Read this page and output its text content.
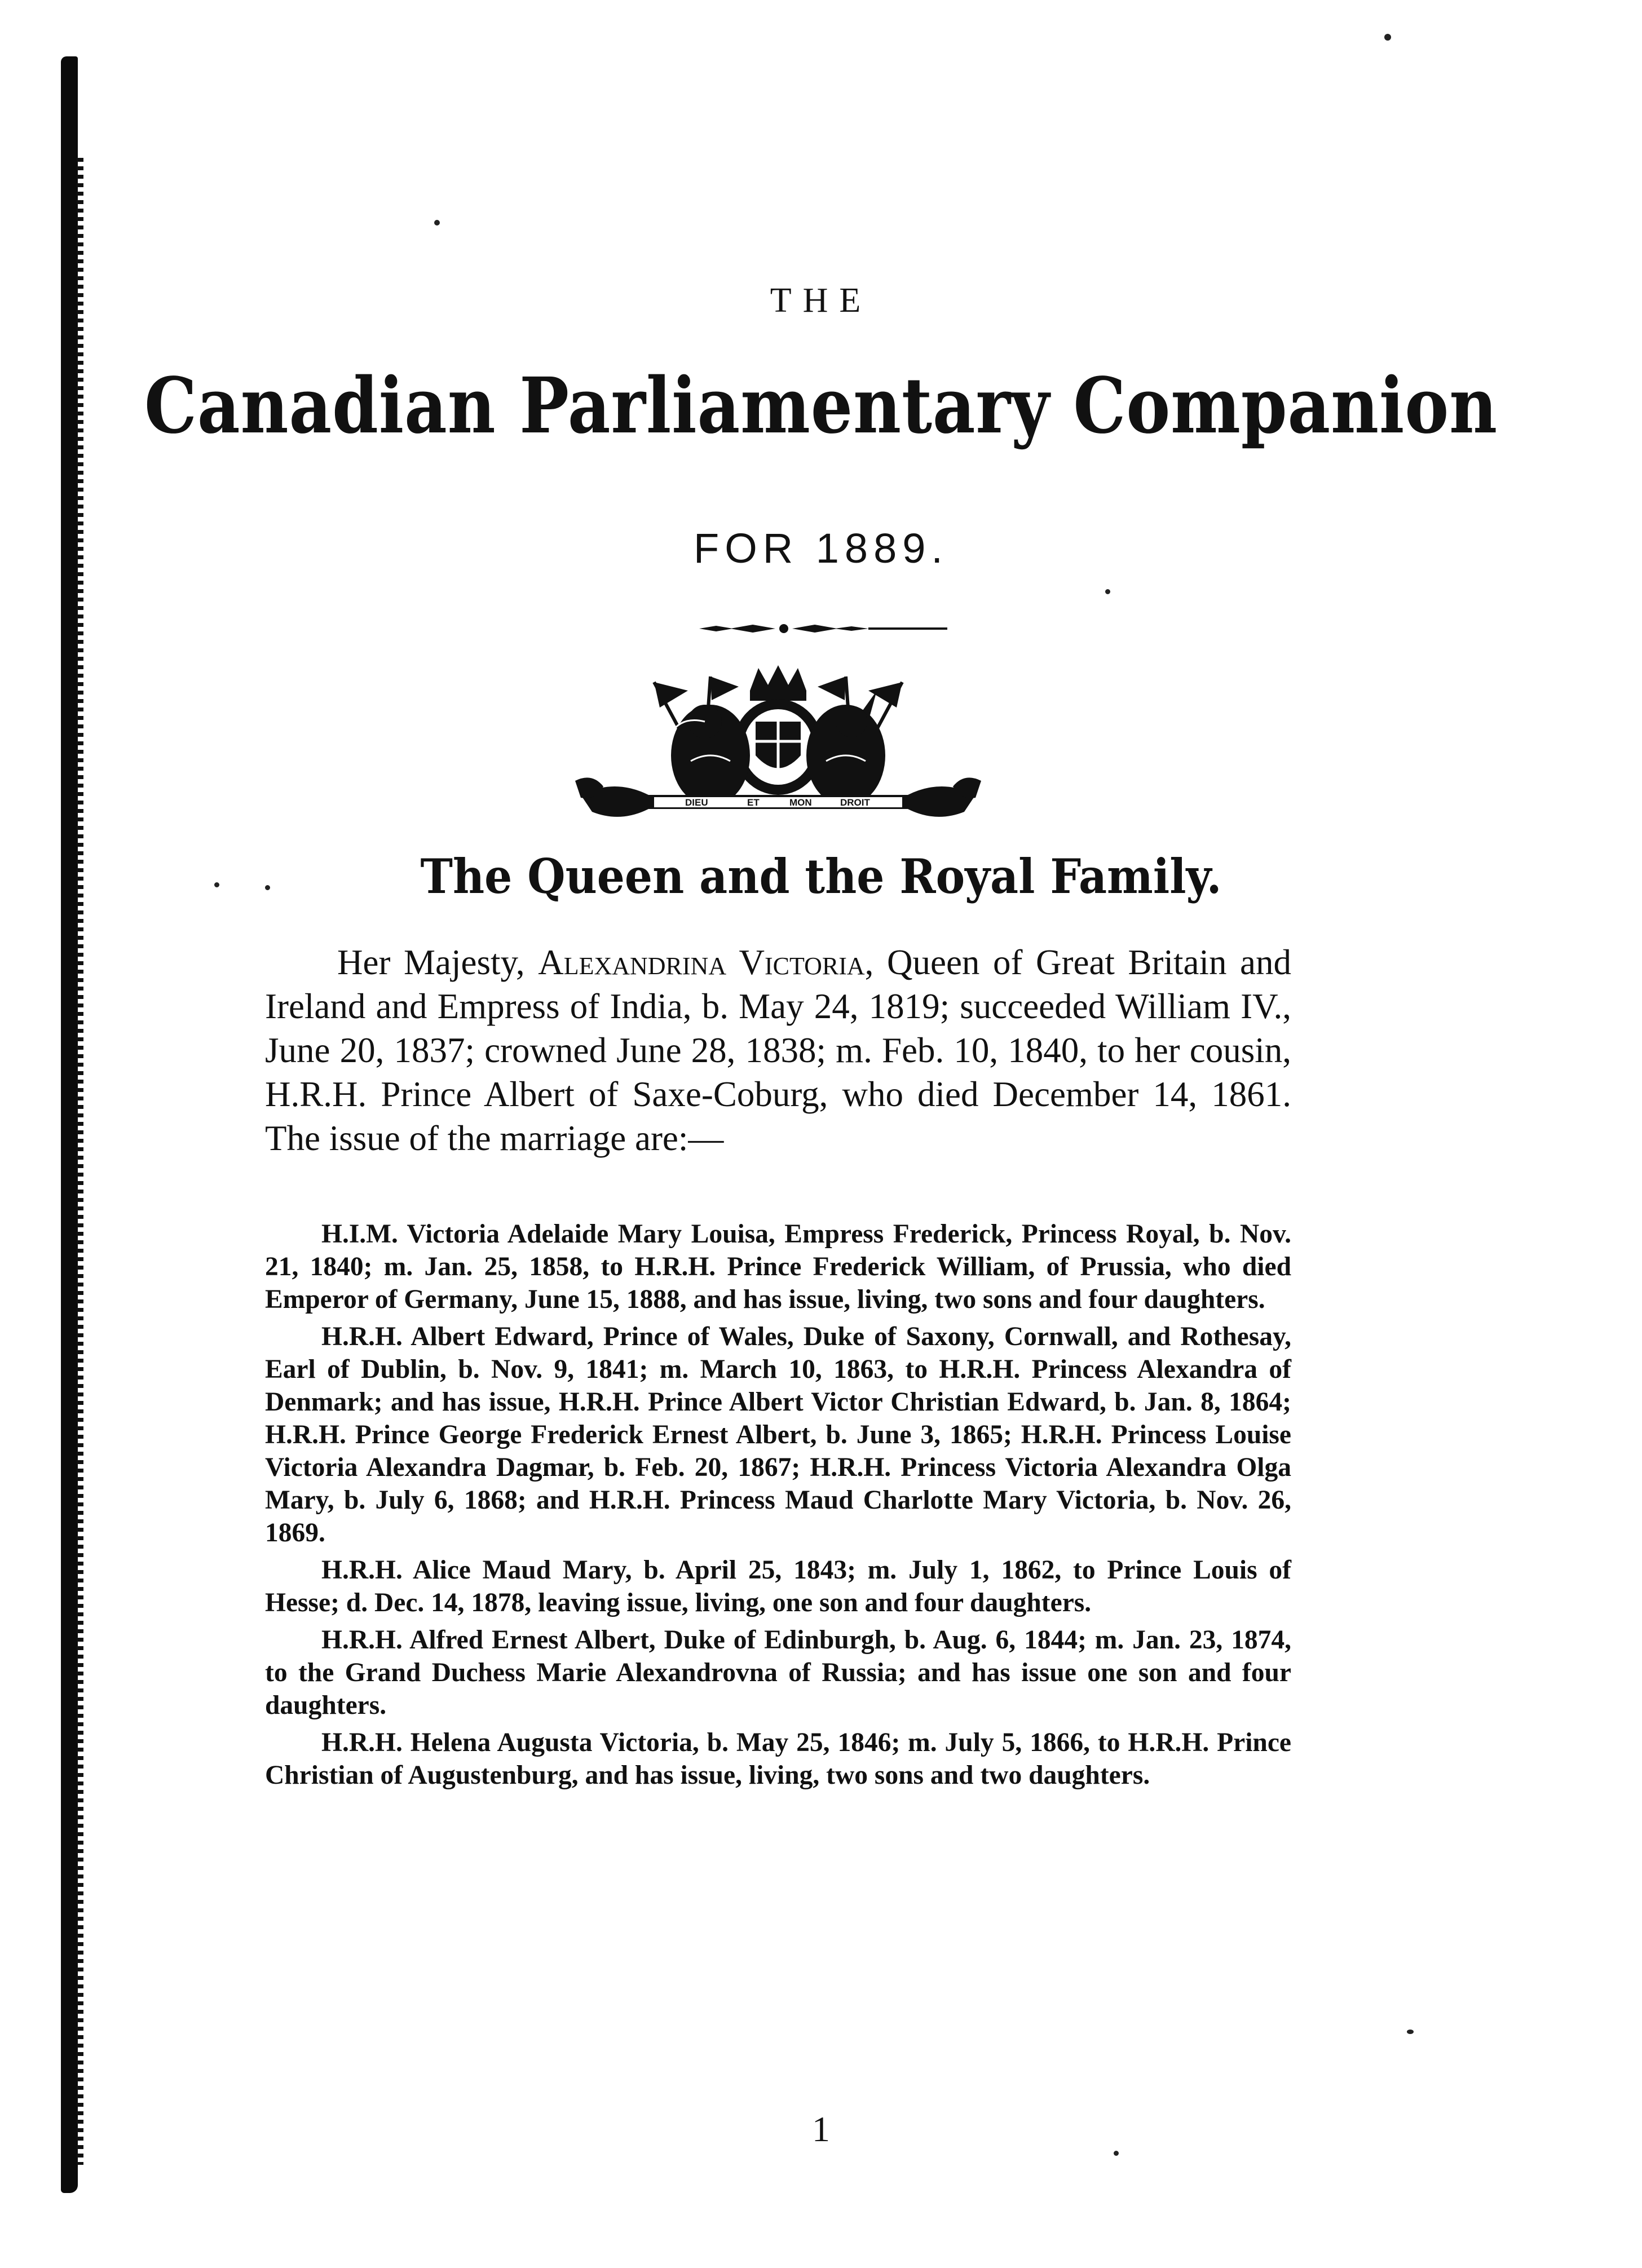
THE
Canadian Parliamentary Companion
FOR 1889.
DIEU	ET	MON	DROIT
The Queen and the Royal Family.

Her Majesty, Alexandrina Victoria, Queen of Great Britain and Ireland and Empress of India, b. May 24, 1819; succeeded William IV., June 20, 1837; crowned June 28, 1838; m. Feb. 10, 1840, to her cousin, H.R.H. Prince Albert of Saxe-Coburg, who died December 14, 1861. The issue of the marriage are:—

H.I.M. Victoria Adelaide Mary Louisa, Empress Frederick, Princess Royal, b. Nov. 21, 1840; m. Jan. 25, 1858, to H.R.H. Prince Frederick William, of Prussia, who died Emperor of Germany, June 15, 1888, and has issue, living, two sons and four daughters.

H.R.H. Albert Edward, Prince of Wales, Duke of Saxony, Cornwall, and Rothesay, Earl of Dublin, b. Nov. 9, 1841; m. March 10, 1863, to H.R.H. Princess Alexandra of Denmark; and has issue, H.R.H. Prince Albert Victor Christian Edward, b. Jan. 8, 1864; H.R.H. Prince George Frederick Ernest Albert, b. June 3, 1865; H.R.H. Princess Louise Victoria Alexandra Dagmar, b. Feb. 20, 1867; H.R.H. Princess Victoria Alexandra Olga Mary, b. July 6, 1868; and H.R.H. Princess Maud Charlotte Mary Victoria, b. Nov. 26, 1869.

H.R.H. Alice Maud Mary, b. April 25, 1843; m. July 1, 1862, to Prince Louis of Hesse; d. Dec. 14, 1878, leaving issue, living, one son and four daughters.

H.R.H. Alfred Ernest Albert, Duke of Edinburgh, b. Aug. 6, 1844; m. Jan. 23, 1874, to the Grand Duchess Marie Alexandrovna of Russia; and has issue one son and four daughters.

H.R.H. Helena Augusta Victoria, b. May 25, 1846; m. July 5, 1866, to H.R.H. Prince Christian of Augustenburg, and has issue, living, two sons and two daughters.

1
